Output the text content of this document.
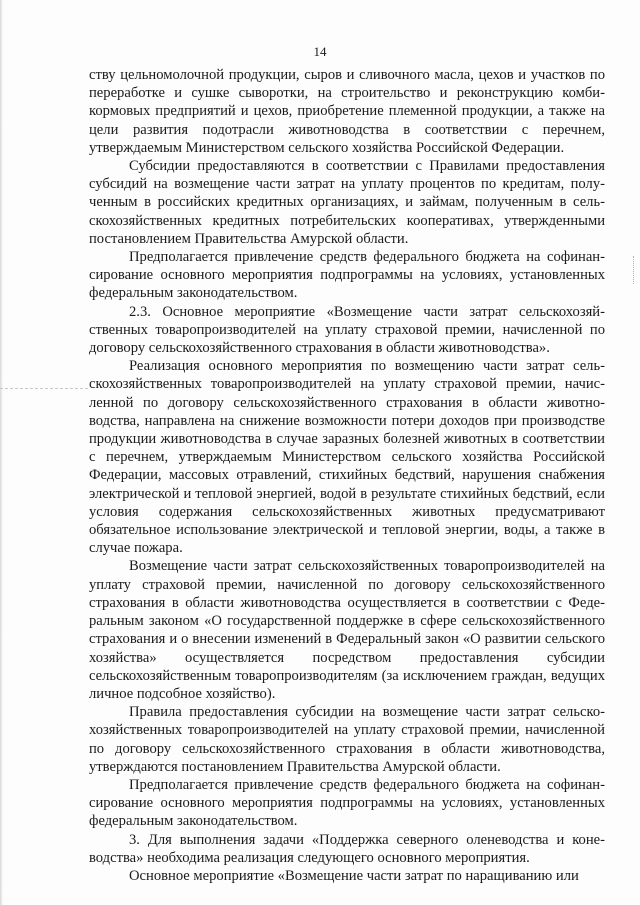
14

ству цельномолочной продукции, сыров и сливочного масла, цехов и участков по переработке и сушке сыворотки, на строительство и реконструкцию комбикормовых предприятий и цехов, приобретение племенной продукции, а также на цели развития подотрасли животноводства в соответствии с перечнем, утверждаемым Министерством сельского хозяйства Российской Федерации.

Субсидии предоставляются в соответствии с Правилами предоставления субсидий на возмещение части затрат на уплату процентов по кредитам, полученным в российских кредитных организациях, и займам, полученным в сельскохозяйственных кредитных потребительских кооперативах, утвержденными постановлением Правительства Амурской области.

Предполагается привлечение средств федерального бюджета на софинансирование основного мероприятия подпрограммы на условиях, установленных федеральным законодательством.

2.3. Основное мероприятие «Возмещение части затрат сельскохозяйственных товаропроизводителей на уплату страховой премии, начисленной по договору сельскохозяйственного страхования в области животноводства».

Реализация основного мероприятия по возмещению части затрат сельскохозяйственных товаропроизводителей на уплату страховой премии, начисленной по договору сельскохозяйственного страхования в области животноводства, направлена на снижение возможности потери доходов при производстве продукции животноводства в случае заразных болезней животных в соответствии с перечнем, утверждаемым Министерством сельского хозяйства Российской Федерации, массовых отравлений, стихийных бедствий, нарушения снабжения электрической и тепловой энергией, водой в результате стихийных бедствий, если условия содержания сельскохозяйственных животных предусматривают обязательное использование электрической и тепловой энергии, воды, а также в случае пожара.

Возмещение части затрат сельскохозяйственных товаропроизводителей на уплату страховой премии, начисленной по договору сельскохозяйственного страхования в области животноводства осуществляется в соответствии с Федеральным законом «О государственной поддержке в сфере сельскохозяйственного страхования и о внесении изменений в Федеральный закон «О развитии сельского хозяйства» осуществляется посредством предоставления субсидии сельскохозяйственным товаропроизводителям (за исключением граждан, ведущих личное подсобное хозяйство).

Правила предоставления субсидии на возмещение части затрат сельскохозяйственных товаропроизводителей на уплату страховой премии, начисленной по договору сельскохозяйственного страхования в области животноводства, утверждаются постановлением Правительства Амурской области.

Предполагается привлечение средств федерального бюджета на софинансирование основного мероприятия подпрограммы на условиях, установленных федеральным законодательством.

3. Для выполнения задачи «Поддержка северного оленеводства и коневодства» необходима реализация следующего основного мероприятия.

Основное мероприятие «Возмещение части затрат по наращиванию или
